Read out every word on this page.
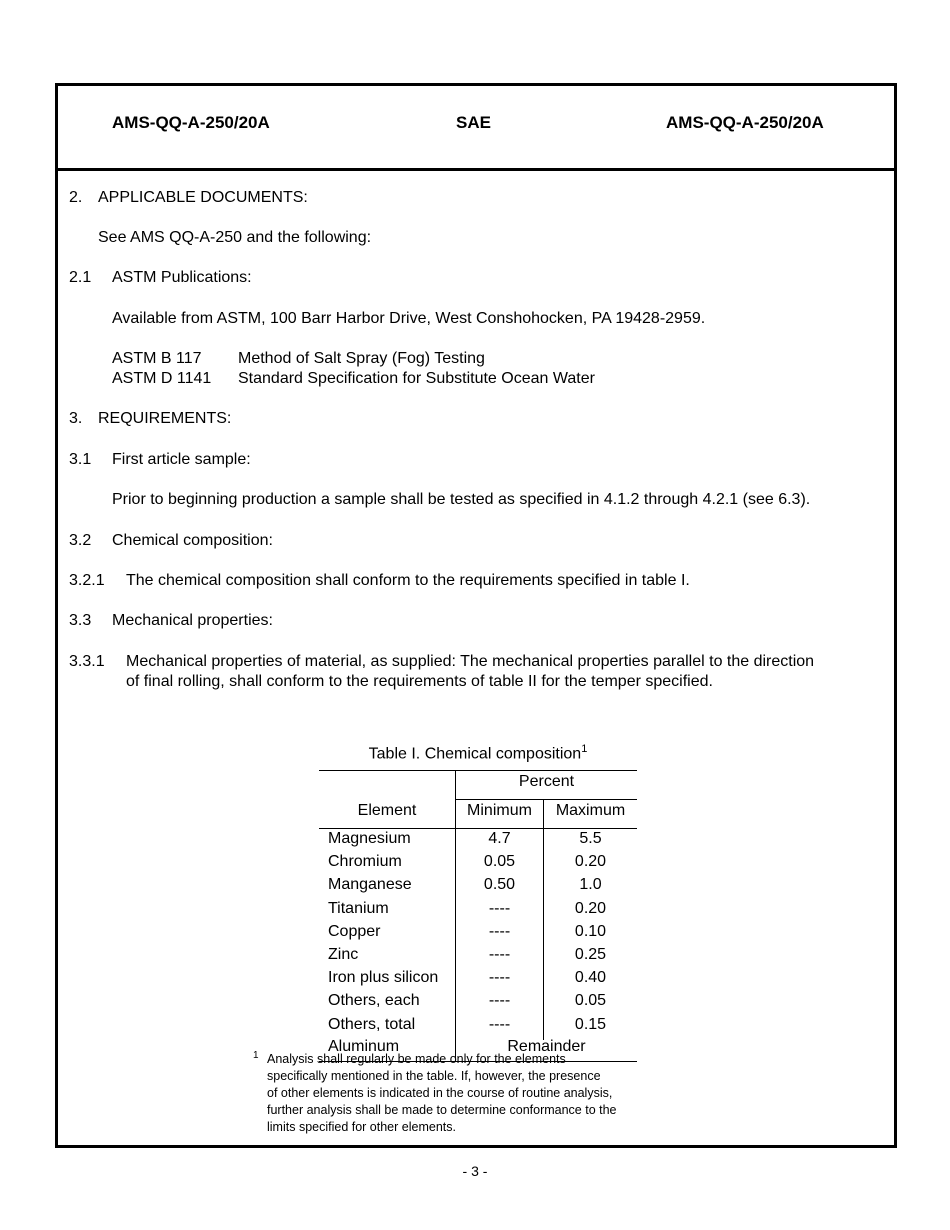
AMS-QQ-A-250/20A	SAE	AMS-QQ-A-250/20A
2. APPLICABLE DOCUMENTS:
See AMS QQ-A-250 and the following:
2.1 ASTM Publications:
Available from ASTM, 100 Barr Harbor Drive, West Conshohocken, PA 19428-2959.
ASTM B 117 Method of Salt Spray (Fog) Testing
ASTM D 1141 Standard Specification for Substitute Ocean Water
3. REQUIREMENTS:
3.1 First article sample:
Prior to beginning production a sample shall be tested as specified in 4.1.2 through 4.2.1 (see 6.3).
3.2 Chemical composition:
3.2.1 The chemical composition shall conform to the requirements specified in table I.
3.3 Mechanical properties:
3.3.1 Mechanical properties of material, as supplied: The mechanical properties parallel to the direction
of final rolling, shall conform to the requirements of table II for the temper specified.
Table I. Chemical composition$^1$
Percent
Element	Minimum	Maximum
Magnesium	4.7	5.5
Chromium	0.05	0.20
Manganese	0.50	1.0
Titanium	----	0.20
Copper	----	0.10
Zinc	----	0.25
Iron plus silicon	----	0.40
Others, each	----	0.05
Others, total	----	0.15
Aluminum	Remainder
1 Analysis shall regularly be made only for the elements
specifically mentioned in the table. If, however, the presence
of other elements is indicated in the course of routine analysis,
further analysis shall be made to determine conformance to the
limits specified for other elements.
- 3 -
